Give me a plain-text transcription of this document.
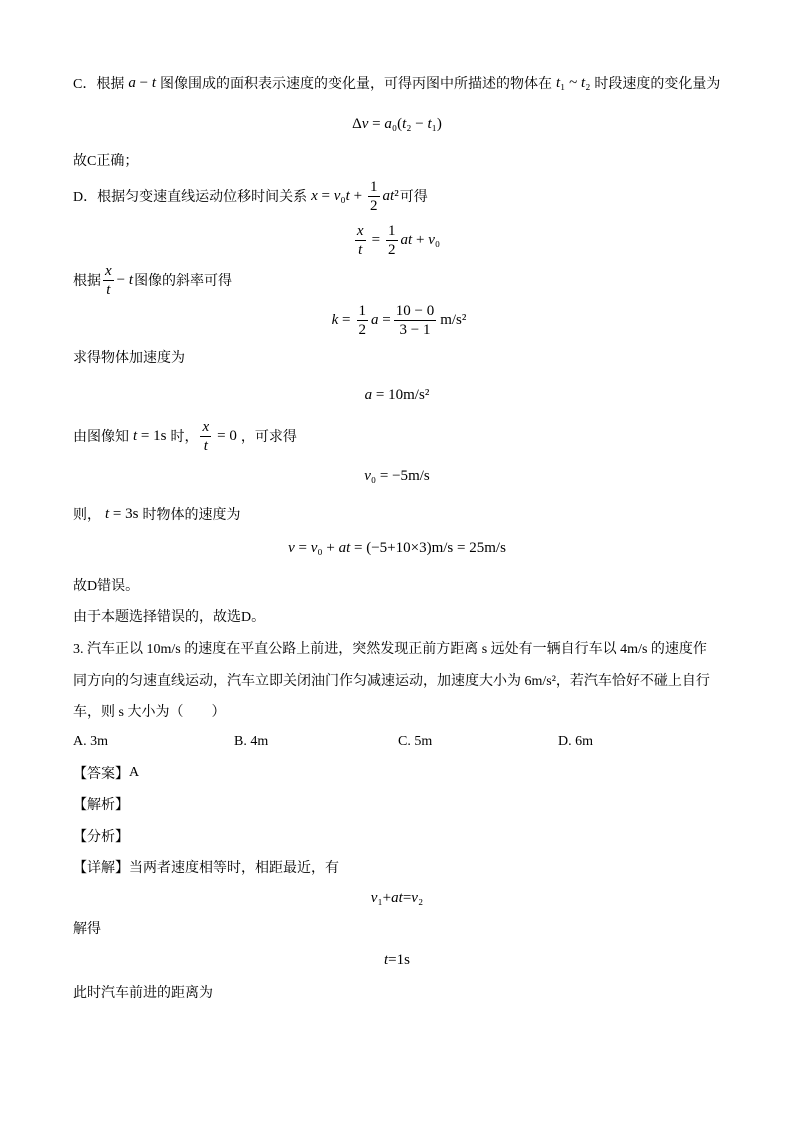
C．根据 a − t 图像围成的面积表示速度的变化量，可得丙图中所描述的物体在 t₁ ~ t₂ 时段速度的变化量为
Δv = a₀(t₂ − t₁)
故C正确；
D．根据匀变速直线运动位移时间关系 $x = v_0t + \frac{1}{2} at^2$ 可得
$\frac{x}{t} = \frac{1}{2}$ at + v₀
根据 $\frac{x}{t} - t$ 图像的斜率可得
$k = \frac{1}{2}$ $a = \frac{10 - 0}{3 - 1} m/s^2$
求得物体加速度为
a = 10m/s²
由图像知 t = 1s 时， $\frac{x}{t} = 0$ ，可求得
v₀ = −5m/s
则， t = 3s 时物体的速度为
v = v₀ + at = (−5+10×3)m/s = 25m/s
故D错误。
由于本题选择错误的，故选D。
3. 汽车正以 10m/s 的速度在平直公路上前进，突然发现正前方距离 s 远处有一辆自行车以 4m/s 的速度作
同方向的匀速直线运动，汽车立即关闭油门作匀减速运动，加速度大小为 6m/s²，若汽车恰好不碰上自行
车，则 s 大小为（　　）
A. 3m	B. 4m	C. 5m	D. 6m
【答案】 A
【解析】
【分析】
【详解】 当两者速度相等时，相距最近，有
v₁+at=v₂
解得
t=1s
此时汽车前进的距离为
